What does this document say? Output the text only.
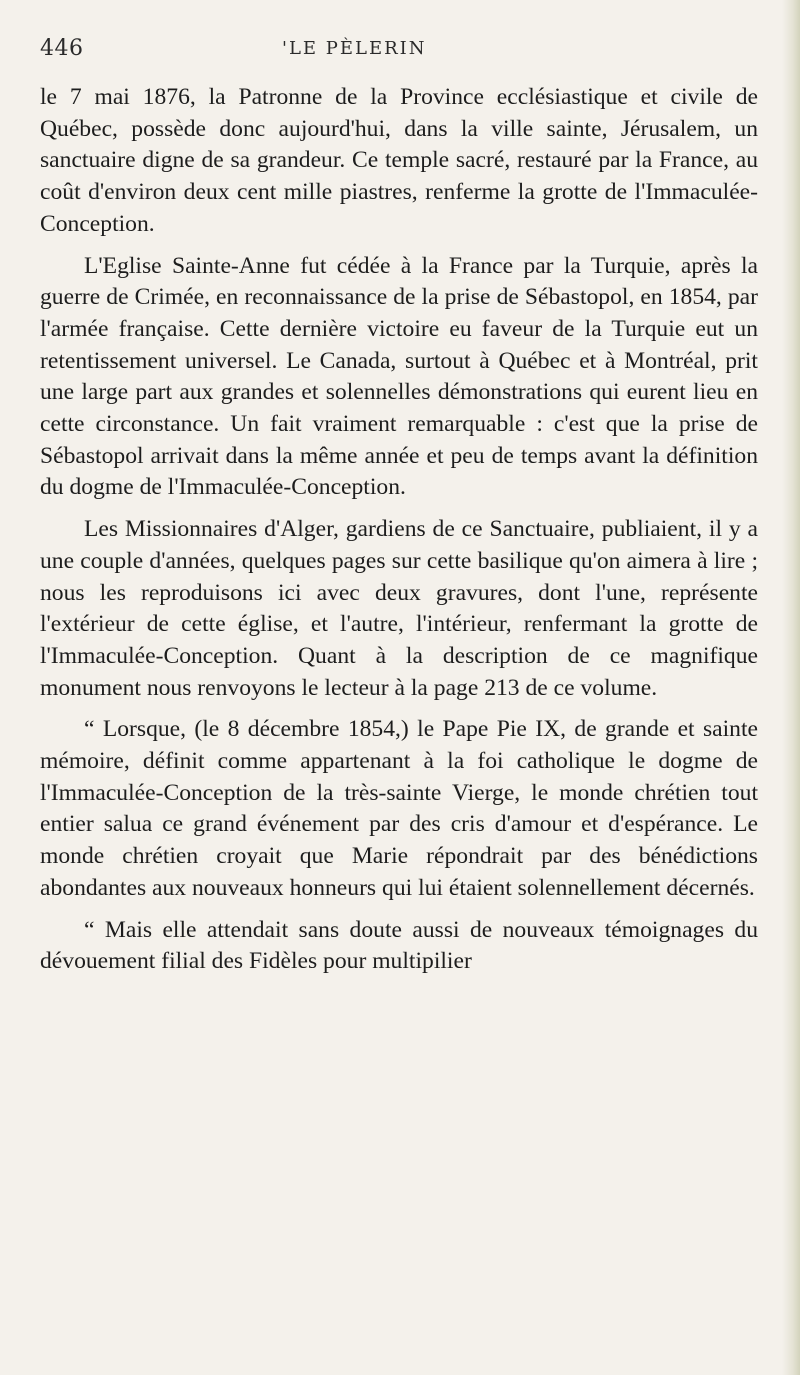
446	'LE PÈLERIN

le 7 mai 1876, la Patronne de la Province ecclésiastique et civile de Québec, possède donc aujourd'hui, dans la ville sainte, Jérusalem, un sanctuaire digne de sa grandeur. Ce temple sacré, restauré par la France, au coût d'environ deux cent mille piastres, renferme la grotte de l'Immaculée-Conception.

L'Eglise Sainte-Anne fut cédée à la France par la Turquie, après la guerre de Crimée, en reconnaissance de la prise de Sébastopol, en 1854, par l'armée française. Cette dernière victoire eu faveur de la Turquie eut un retentissement universel. Le Canada, surtout à Québec et à Montréal, prit une large part aux grandes et solennelles démonstrations qui eurent lieu en cette circonstance. Un fait vraiment remarquable : c'est que la prise de Sébastopol arrivait dans la même année et peu de temps avant la définition du dogme de l'Immaculée-Conception.

Les Missionnaires d'Alger, gardiens de ce Sanctuaire, publiaient, il y a une couple d'années, quelques pages sur cette basilique qu'on aimera à lire ; nous les reproduisons ici avec deux gravures, dont l'une, représente l'extérieur de cette église, et l'autre, l'intérieur, renfermant la grotte de l'Immaculée-Conception. Quant à la description de ce magnifique monument nous renvoyons le lecteur à la page 213 de ce volume.

“ Lorsque, (le 8 décembre 1854,) le Pape Pie IX, de grande et sainte mémoire, définit comme appartenant à la foi catholique le dogme de l'Immaculée-Conception de la très-sainte Vierge, le monde chrétien tout entier salua ce grand événement par des cris d'amour et d'espérance. Le monde chrétien croyait que Marie répondrait par des bénédictions abondantes aux nouveaux honneurs qui lui étaient solennellement décernés.

“ Mais elle attendait sans doute aussi de nouveaux témoignages du dévouement filial des Fidèles pour multipilier
